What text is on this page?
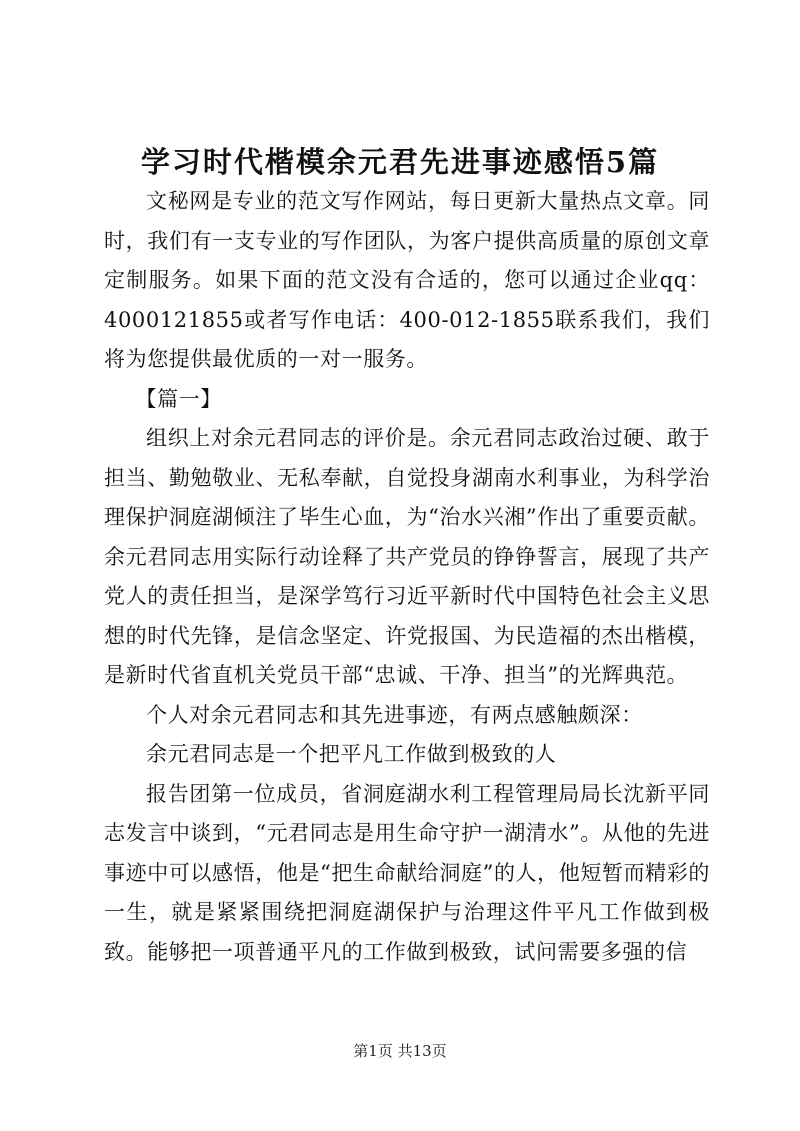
学习时代楷模余元君先进事迹感悟5篇

文秘网是专业的范文写作网站，每日更新大量热点文章。同时，我们有一支专业的写作团队，为客户提供高质量的原创文章定制服务。如果下面的范文没有合适的，您可以通过企业qq：4000121855或者写作电话：400-012-1855联系我们，我们将为您提供最优质的一对一服务。

【篇一】

组织上对余元君同志的评价是。余元君同志政治过硬、敢于担当、勤勉敬业、无私奉献，自觉投身湖南水利事业，为科学治理保护洞庭湖倾注了毕生心血，为“治水兴湘”作出了重要贡献。余元君同志用实际行动诠释了共产党员的铮铮誓言，展现了共产党人的责任担当，是深学笃行习近平新时代中国特色社会主义思想的时代先锋，是信念坚定、许党报国、为民造福的杰出楷模，是新时代省直机关党员干部“忠诚、干净、担当”的光辉典范。

个人对余元君同志和其先进事迹，有两点感触颇深：

余元君同志是一个把平凡工作做到极致的人

报告团第一位成员，省洞庭湖水利工程管理局局长沈新平同志发言中谈到，“元君同志是用生命守护一湖清水”。从他的先进事迹中可以感悟，他是“把生命献给洞庭”的人，他短暂而精彩的一生，就是紧紧围绕把洞庭湖保护与治理这件平凡工作做到极致。能够把一项普通平凡的工作做到极致，试问需要多强的信

第1页 共13页
